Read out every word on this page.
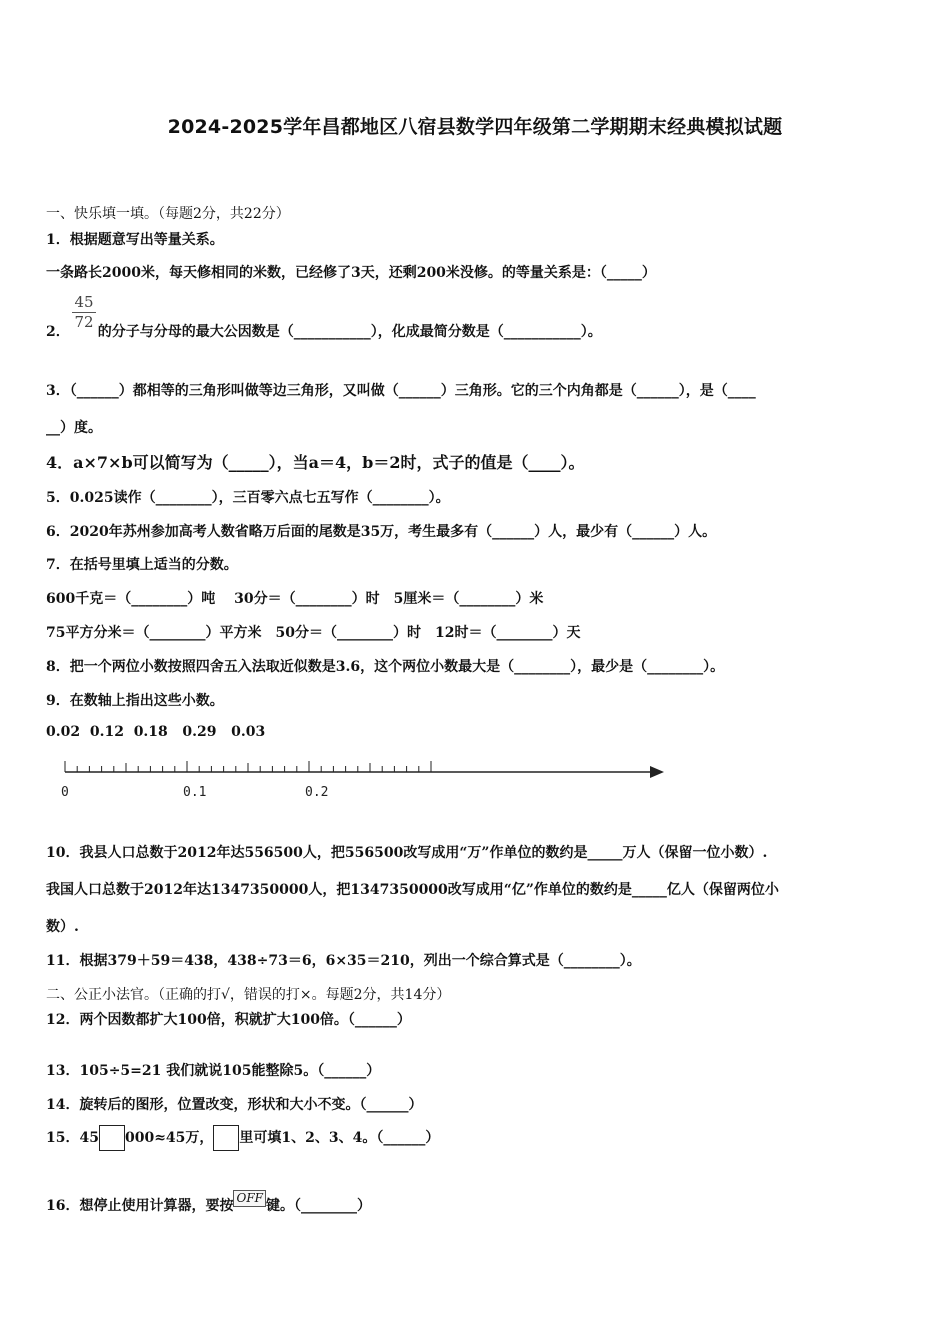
2024-2025学年昌都地区八宿县数学四年级第二学期期末经典模拟试题
一、快乐填一填。（每题2分，共22分）
1．根据题意写出等量关系。
一条路长2000米，每天修相同的米数，已经修了3天，还剩200米没修。的等量关系是：（_____）
$\frac{45}{72}$
2． 的分子与分母的最大公因数是（___________），化成最简分数是（___________）。
3．（______）都相等的三角形叫做等边三角形，又叫做（______）三角形。它的三个内角都是（______），是（____
__）度。
4．a×7×b可以简写为（_____），当a＝4，b＝2时，式子的值是（____）。
5．0.025读作（________），三百零六点七五写作（________）。
6．2020年苏州参加高考人数省略万后面的尾数是35万，考生最多有（______）人，最少有（______）人。
7．在括号里填上适当的分数。
600千克＝（________）吨　 30分＝（________）时　5厘米＝（________）米
75平方分米＝（________）平方米　50分＝（________）时　12时＝（________）天
8．把一个两位小数按照四舍五入法取近似数是3.6，这个两位小数最大是（________），最少是（________）。
9．在数轴上指出这些小数。
0.02  0.12  0.18   0.29   0.03
0	0.1	0.2
10．我县人口总数于2012年达556500人，把556500改写成用“万”作单位的数约是_____万人（保留一位小数）.
我国人口总数于2012年达1347350000人，把1347350000改写成用“亿”作单位的数约是_____亿人（保留两位小
数）.
11．根据379＋59＝438，438÷73＝6，6×35＝210，列出一个综合算式是（________）。
二、公正小法官。（正确的打√，错误的打×。每题2分，共14分）
12．两个因数都扩大100倍，积就扩大100倍。（______）
13．105÷5=21 我们就说105能整除5。（______）
14．旋转后的图形，位置改变，形状和大小不变。（______）
15．45 000≈45万， 里可填1、2、3、4。（______）
16．想停止使用计算器，要按 OFF 键。（________）
